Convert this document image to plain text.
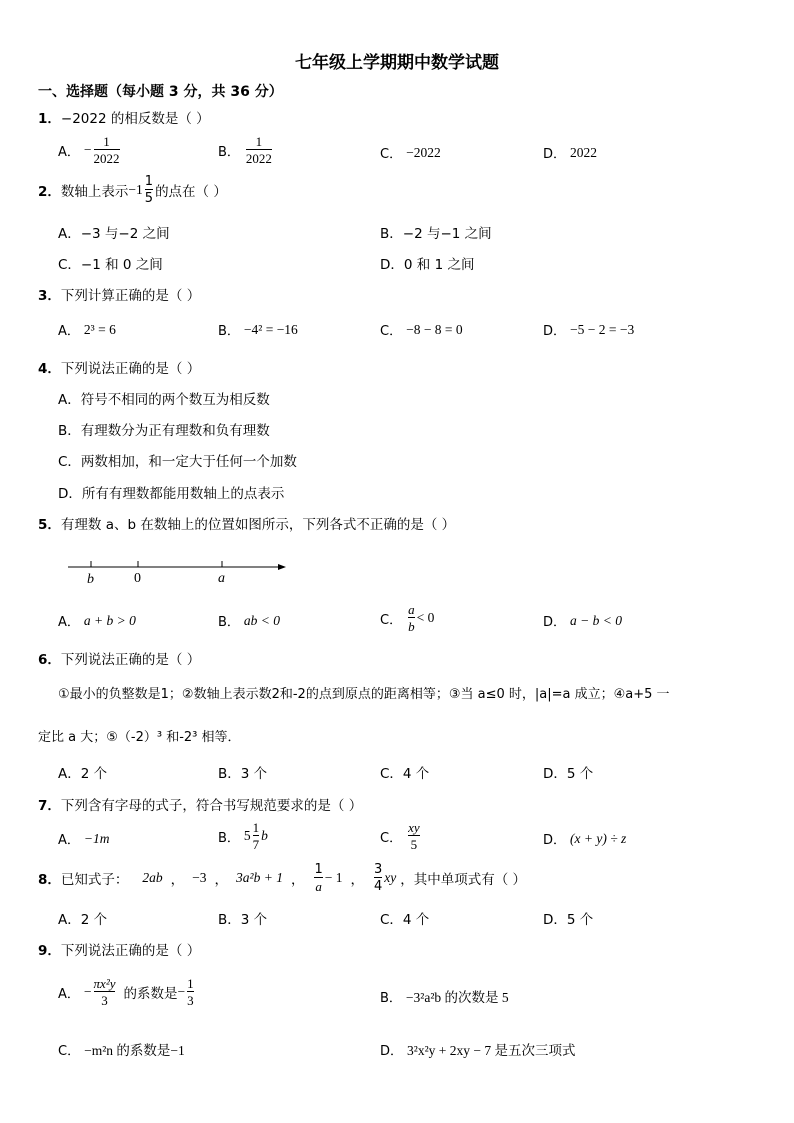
七年级上学期期中数学试题
一、选择题（每小题 3 分，共 36 分）
1．−2022 的相反数是（ ）
A． − $\frac{1}{2022}$	B． $\frac{1}{2022}$	C． −2022	D． 2022
2． 数轴上表示 $-1 \frac{1}{5}$ 的点在（ ）
A．−3 与−2 之间	B．−2 与−1 之间
C．−1 和 0 之间	D．0 和 1 之间
3．下列计算正确的是（ ）
A． 2³ = 6	B． −4² = −16	C． −8 − 8 = 0	D． −5 − 2 = −3
4．下列说法正确的是（ ）
A．符号不相同的两个数互为相反数
B．有理数分为正有理数和负有理数
C．两数相加，和一定大于任何一个加数
D．所有有理数都能用数轴上的点表示
5．有理数 a、b 在数轴上的位置如图所示，下列各式不正确的是（ ）
b	0	a
A． a + b > 0	B． ab < 0	C． $\frac{a}{b} < 0$	D． a − b < 0
6．下列说法正确的是（ ）
①最小的负整数是1；②数轴上表示数2和-2的点到原点的距离相等；③当 a≤0 时，|a|=a 成立；④a+5 一
定比 a 大；⑤（-2）³ 和-2³ 相等．
A．2 个	B．3 个	C．4 个	D．5 个
7．下列含有字母的式子，符合书写规范要求的是（ ）
A． −1m	B． $5 \frac{1}{7}$ b	C． $\frac{xy}{5}$	D． (x + y) ÷ z
8． 已知式子： 2ab ， −3 ， 3a²b + 1 ， $\frac{1}{a} - 1$ ， $\frac{3}{4}$ xy ，其中单项式有（ ）
A．2 个	B．3 个	C．4 个	D．5 个
9．下列说法正确的是（ ）
A． − $\frac{\text{πx²y}}{3}$ 的系数是 − $\frac{1}{3}$	B． −3²a²b 的次数是 5
C． −m²n 的系数是−1	D． 3²x²y + 2xy − 7 是五次三项式
